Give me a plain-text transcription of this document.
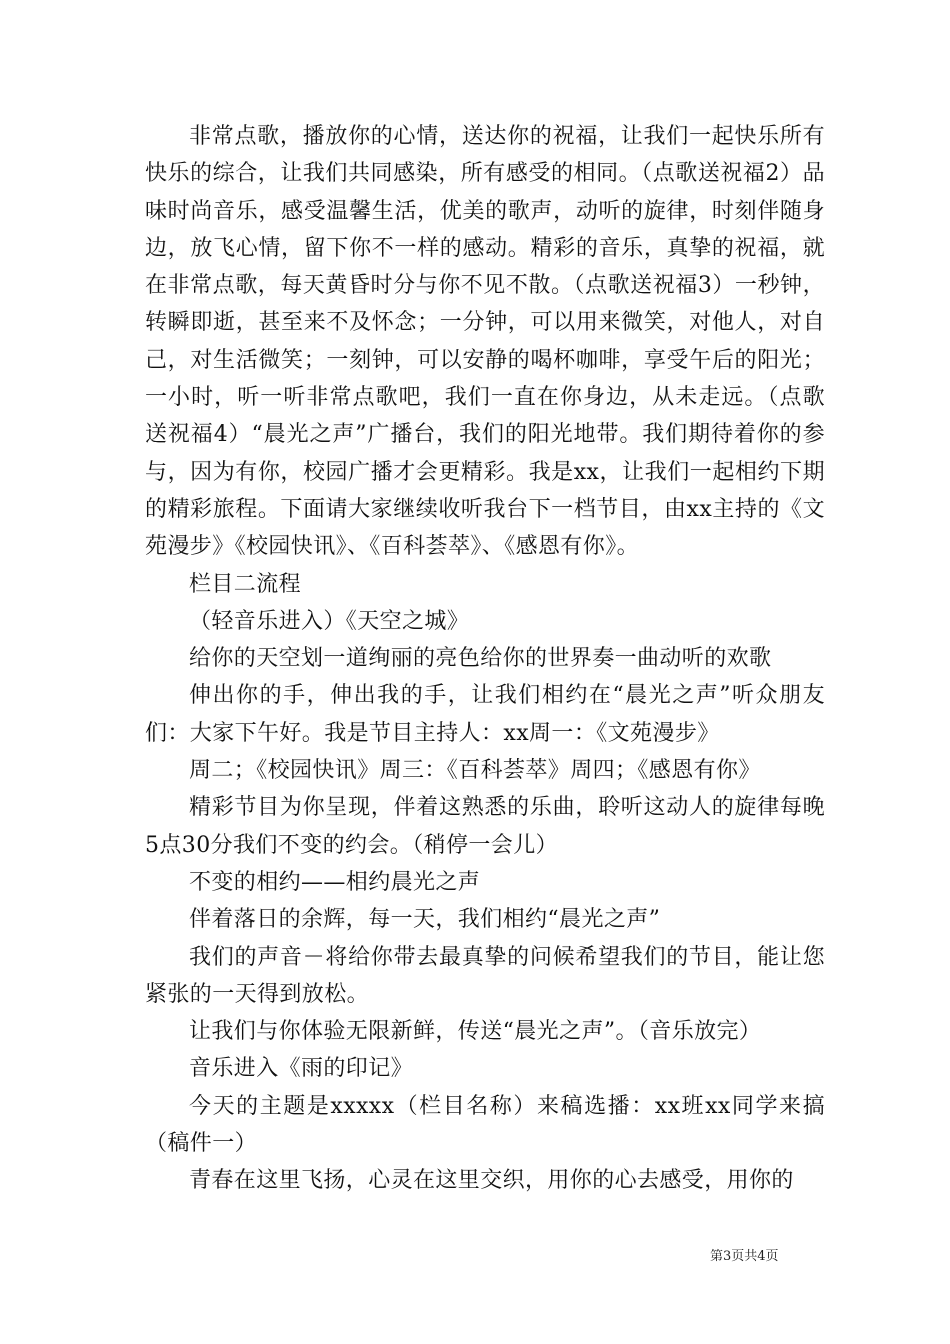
非常点歌，播放你的心情，送达你的祝福，让我们一起快乐所有快乐的综合，让我们共同感染，所有感受的相同。（点歌送祝福2）品味时尚音乐，感受温馨生活，优美的歌声，动听的旋律，时刻伴随身边，放飞心情，留下你不一样的感动。精彩的音乐，真挚的祝福，就在非常点歌，每天黄昏时分与你不见不散。（点歌送祝福3）一秒钟，转瞬即逝，甚至来不及怀念；一分钟，可以用来微笑，对他人，对自己，对生活微笑；一刻钟，可以安静的喝杯咖啡，享受午后的阳光；一小时，听一听非常点歌吧，我们一直在你身边，从未走远。（点歌送祝福4）“晨光之声”广播台，我们的阳光地带。我们期待着你的参与，因为有你，校园广播才会更精彩。我是xx，让我们一起相约下期的精彩旅程。下面请大家继续收听我台下一档节目，由xx主持的《文苑漫步》《校园快讯》、《百科荟萃》、《感恩有你》。

栏目二流程

（轻音乐进入）《天空之城》

给你的天空划一道绚丽的亮色给你的世界奏一曲动听的欢歌

伸出你的手，伸出我的手，让我们相约在“晨光之声”听众朋友们：大家下午好。我是节目主持人：xx周一：《文苑漫步》

周二；《校园快讯》周三：《百科荟萃》周四；《感恩有你》

精彩节目为你呈现，伴着这熟悉的乐曲，聆听这动人的旋律每晚5点30分我们不变的约会。（稍停一会儿）

不变的相约——相约晨光之声

伴着落日的余辉，每一天，我们相约“晨光之声”

我们的声音－将给你带去最真挚的问候希望我们的节目，能让您紧张的一天得到放松。

让我们与你体验无限新鲜，传送“晨光之声”。（音乐放完）

音乐进入《雨的印记》

今天的主题是xxxxx（栏目名称）来稿选播：xx班xx同学来搞（稿件一）

青春在这里飞扬，心灵在这里交织，用你的心去感受，用你的

第3页共4页
